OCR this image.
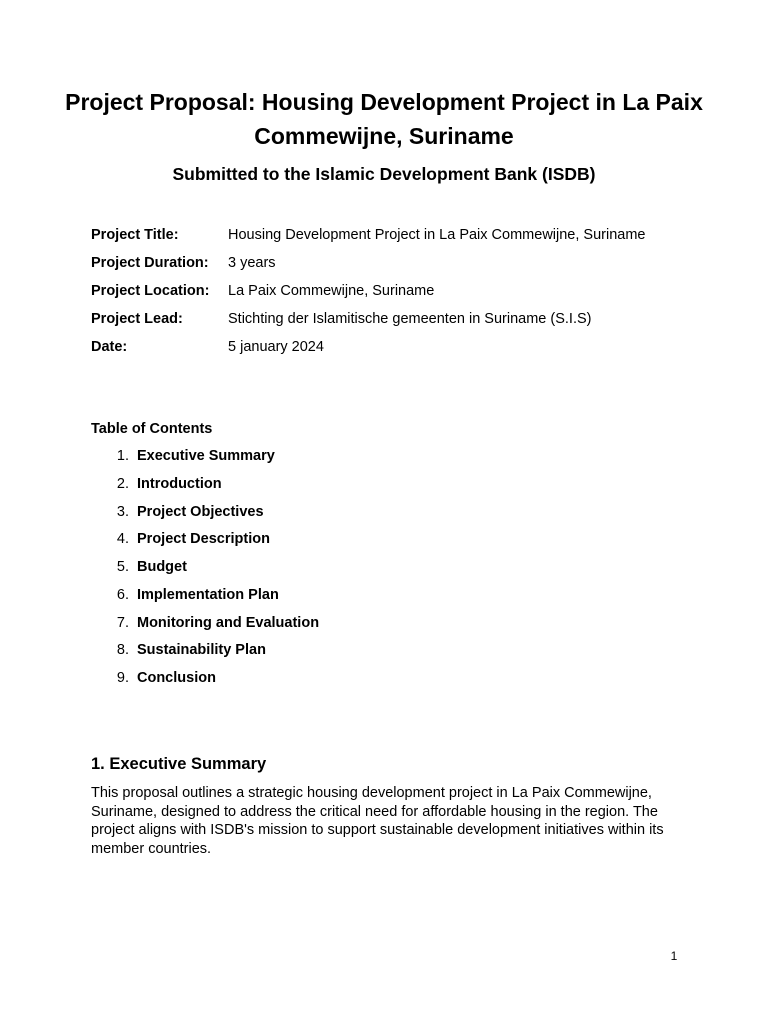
Project Proposal: Housing Development Project in La Paix Commewijne, Suriname
Submitted to the Islamic Development Bank (ISDB)
Project Title:	Housing Development Project in La Paix Commewijne, Suriname
Project Duration:	3 years
Project Location:	La Paix Commewijne, Suriname
Project Lead:	Stichting der Islamitische gemeenten in Suriname (S.I.S)
Date:	5 january 2024
Table of Contents
1. Executive Summary
2. Introduction
3. Project Objectives
4. Project Description
5. Budget
6. Implementation Plan
7. Monitoring and Evaluation
8. Sustainability Plan
9. Conclusion
1. Executive Summary

This proposal outlines a strategic housing development project in La Paix Commewijne, Suriname, designed to address the critical need for affordable housing in the region. The project aligns with ISDB's mission to support sustainable development initiatives within its member countries.

1
